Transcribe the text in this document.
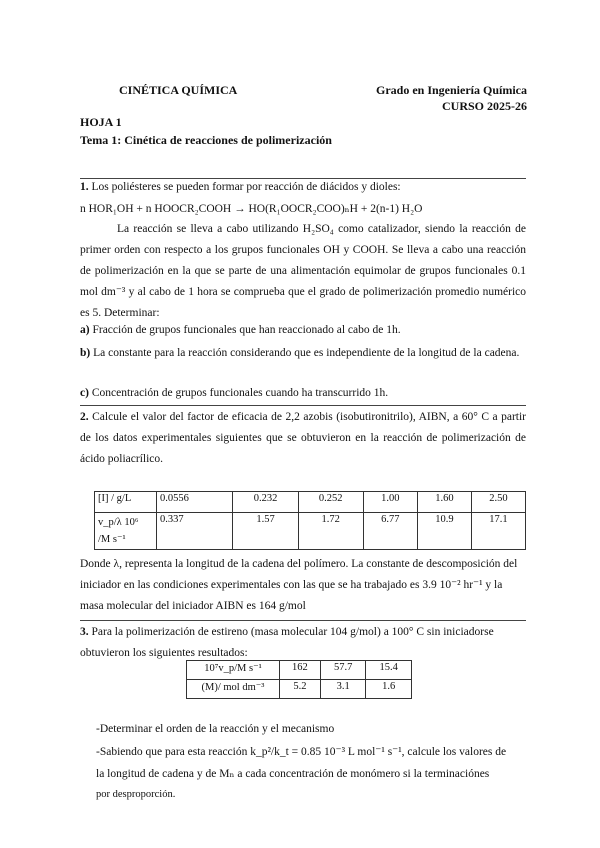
CINÉTICA QUÍMICA	Grado en Ingeniería Química
CURSO 2025-26
HOJA 1
Tema 1: Cinética de reacciones de polimerización
1. Los poliésteres se pueden formar por reacción de diácidos y dioles:
n HOR₁OH + n HOOCR₂COOH → HO(R₁OOCR₂COO)ₙH + 2(n-1) H₂O
La reacción se lleva a cabo utilizando H₂SO₄ como catalizador, siendo la reacción de primer orden con respecto a los grupos funcionales OH y COOH. Se lleva a cabo una reacción de polimerización en la que se parte de una alimentación equimolar de grupos funcionales 0.1 mol dm⁻³ y al cabo de 1 hora se comprueba que el grado de polimerización promedio numérico es 5. Determinar:
a) Fracción de grupos funcionales que han reaccionado al cabo de 1h.
b) La constante para la reacción considerando que es independiente de la longitud de la cadena.
c) Concentración de grupos funcionales cuando ha transcurrido 1h.
2. Calcule el valor del factor de eficacia de 2,2 azobis (isobutironitrilo), AIBN, a 60° C a partir de los datos experimentales siguientes que se obtuvieron en la reacción de polimerización de ácido poliacrílico.
[I] / g/L	0.0556	0.232	0.252	1.00	1.60	2.50
v_p/λ 10⁶ /M s⁻¹	0.337	1.57	1.72	6.77	10.9	17.1
Donde λ, representa la longitud de la cadena del polímero. La constante de descomposición del iniciador en las condiciones experimentales con las que se ha trabajado es 3.9 10⁻² hr⁻¹ y la masa molecular del iniciador AIBN es 164 g/mol
3. Para la polimerización de estireno (masa molecular 104 g/mol) a 100° C sin iniciadorse obtuvieron los siguientes resultados:
10⁷v_p/M s⁻¹	162	57.7	15.4
(M)/ mol dm⁻³	5.2	3.1	1.6
-Determinar el orden de la reacción y el mecanismo
-Sabiendo que para esta reacción k_p²/k_t = 0.85 10⁻³ L mol⁻¹ s⁻¹, calcule los valores de
la longitud de cadena y de Mₙ a cada concentración de monómero si la terminaciónes
por desproporción.
